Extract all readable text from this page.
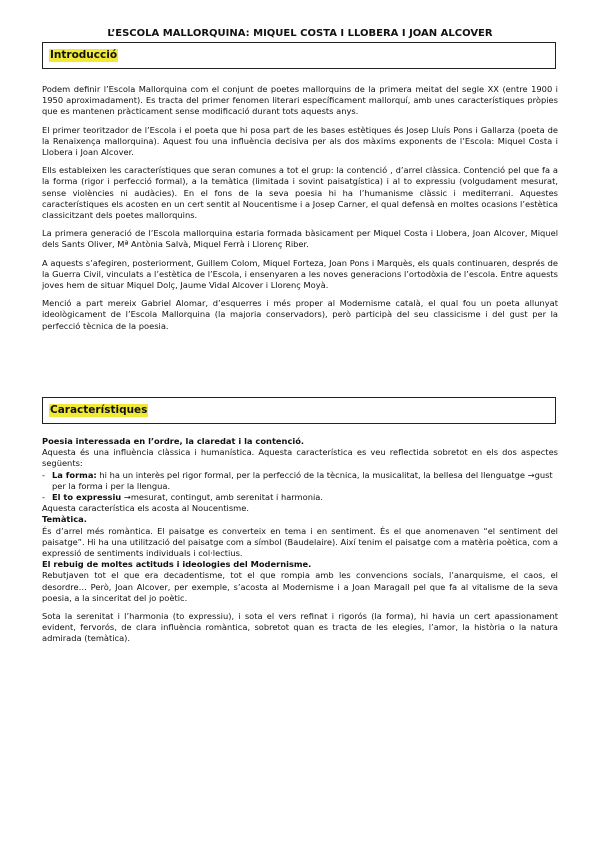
L’ESCOLA MALLORQUINA: MIQUEL COSTA I LLOBERA I JOAN ALCOVER
Introducció

Podem definir l’Escola Mallorquina com el conjunt de poetes mallorquins de la primera meitat del segle XX (entre 1900 i 1950 aproximadament). Es tracta del primer fenomen literari específicament mallorquí, amb unes característiques pròpies que es mantenen pràcticament sense modificació durant tots aquests anys.

El primer teoritzador de l’Escola i el poeta que hi posa part de les bases estètiques és Josep Lluís Pons i Gallarza (poeta de la Renaixença mallorquina). Aquest fou una influència decisiva per als dos màxims exponents de l’Escola: Miquel Costa i Llobera i Joan Alcover.

Ells estableixen les característiques que seran comunes a tot el grup: la contenció , d’arrel clàssica. Contenció pel que fa a la forma (rigor i perfecció formal), a la temàtica (limitada i sovint paisatgística) i al to expressiu (volgudament mesurat, sense violències ni audàcies). En el fons de la seva poesia hi ha l’humanisme clàssic i mediterrani. Aquestes característiques els acosten en un cert sentit al Noucentisme i a Josep Carner, el qual defensà en moltes ocasions l’estètica classicitzant dels poetes mallorquins.

La primera generació de l’Escola mallorquina estaria formada bàsicament per Miquel Costa i Llobera, Joan Alcover, Miquel dels Sants Oliver, Mª Antònia Salvà, Miquel Ferrà i Llorenç Riber.

A aquests s’afegiren, posteriorment, Guillem Colom, Miquel Forteza, Joan Pons i Marquès, els quals continuaren, després de la Guerra Civil, vinculats a l’estètica de l’Escola, i ensenyaren a les noves generacions l’ortodòxia de l’escola. Entre aquests joves hem de situar Miquel Dolç, Jaume Vidal Alcover i Llorenç Moyà.

Menció a part mereix Gabriel Alomar, d’esquerres i més proper al Modernisme català, el qual fou un poeta allunyat ideològicament de l’Escola Mallorquina (la majoria conservadors), però participà del seu classicisme i del gust per la perfecció tècnica de la poesia.

Característiques

Poesia interessada en l’ordre, la claredat i la contenció.

Aquesta és una influència clàssica i humanística. Aquesta característica es veu reflectida sobretot en els dos aspectes següents:

- La forma: hi ha un interès pel rigor formal, per la perfecció de la tècnica, la musicalitat, la bellesa del llenguatge →gust per la forma i per la llengua.
- El to expressiu →mesurat, contingut, amb serenitat i harmonia.

Aquesta característica els acosta al Noucentisme.

Temàtica.

És d’arrel més romàntica. El paisatge es converteix en tema i en sentiment. És el que anomenaven “el sentiment del paisatge”. Hi ha una utilització del paisatge com a símbol (Baudelaire). Així tenim el paisatge com a matèria poètica, com a expressió de sentiments individuals i col·lectius.

El rebuig de moltes actituds i ideologies del Modernisme.

Rebutjaven tot el que era decadentisme, tot el que rompia amb les convencions socials, l’anarquisme, el caos, el desordre… Però, Joan Alcover, per exemple, s’acosta al Modernisme i a Joan Maragall pel que fa al vitalisme de la seva poesia, a la sinceritat del jo poètic.

Sota la serenitat i l’harmonia (to expressiu), i sota el vers refinat i rigorós (la forma), hi havia un cert apassionament evident, fervorós, de clara influència romàntica, sobretot quan es tracta de les elegies, l’amor, la història o la natura admirada (temàtica).
